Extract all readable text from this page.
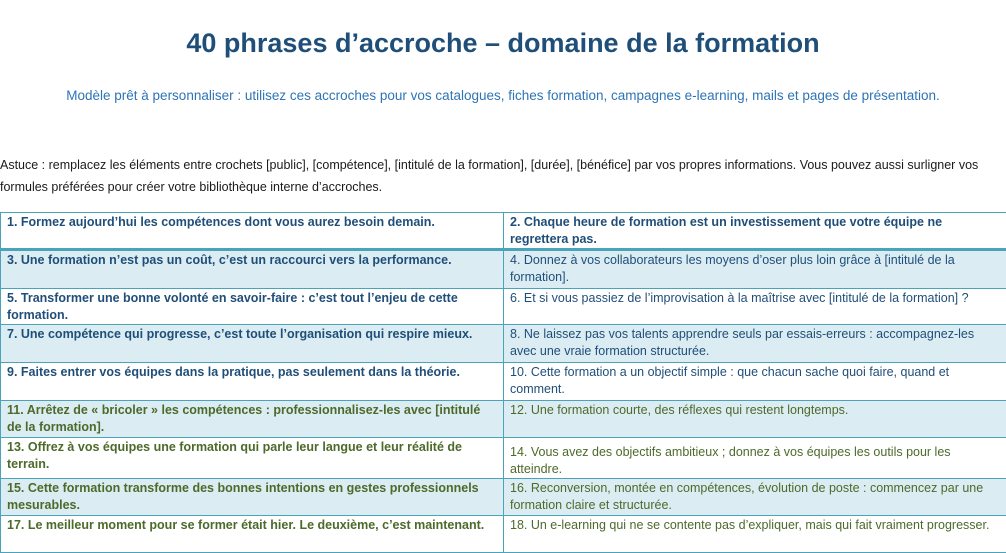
40 phrases d’accroche – domaine de la formation
Modèle prêt à personnaliser : utilisez ces accroches pour vos catalogues, fiches formation, campagnes e-learning, mails et pages de présentation.
Astuce : remplacez les éléments entre crochets [public], [compétence], [intitulé de la formation], [durée], [bénéfice] par vos propres informations. Vous pouvez aussi surligner vos formules préférées pour créer votre bibliothèque interne d’accroches.
1. Formez aujourd’hui les compétences dont vous aurez besoin demain.	2. Chaque heure de formation est un investissement que votre équipe ne regrettera pas.
3. Une formation n’est pas un coût, c’est un raccourci vers la performance.	4. Donnez à vos collaborateurs les moyens d’oser plus loin grâce à [intitulé de la formation].
5. Transformer une bonne volonté en savoir-faire : c’est tout l’enjeu de cette formation.	6. Et si vous passiez de l’improvisation à la maîtrise avec [intitulé de la formation] ?
7. Une compétence qui progresse, c’est toute l’organisation qui respire mieux.	8. Ne laissez pas vos talents apprendre seuls par essais-erreurs : accompagnez-les avec une vraie formation structurée.
9. Faites entrer vos équipes dans la pratique, pas seulement dans la théorie.	10. Cette formation a un objectif simple : que chacun sache quoi faire, quand et comment.
11. Arrêtez de « bricoler » les compétences : professionnalisez-les avec [intitulé de la formation].	12. Une formation courte, des réflexes qui restent longtemps.
13. Offrez à vos équipes une formation qui parle leur langue et leur réalité de terrain.	14. Vous avez des objectifs ambitieux ; donnez à vos équipes les outils pour les atteindre.
15. Cette formation transforme des bonnes intentions en gestes professionnels mesurables.	16. Reconversion, montée en compétences, évolution de poste : commencez par une formation claire et structurée.
17. Le meilleur moment pour se former était hier. Le deuxième, c’est maintenant.	18. Un e-learning qui ne se contente pas d’expliquer, mais qui fait vraiment progresser.
